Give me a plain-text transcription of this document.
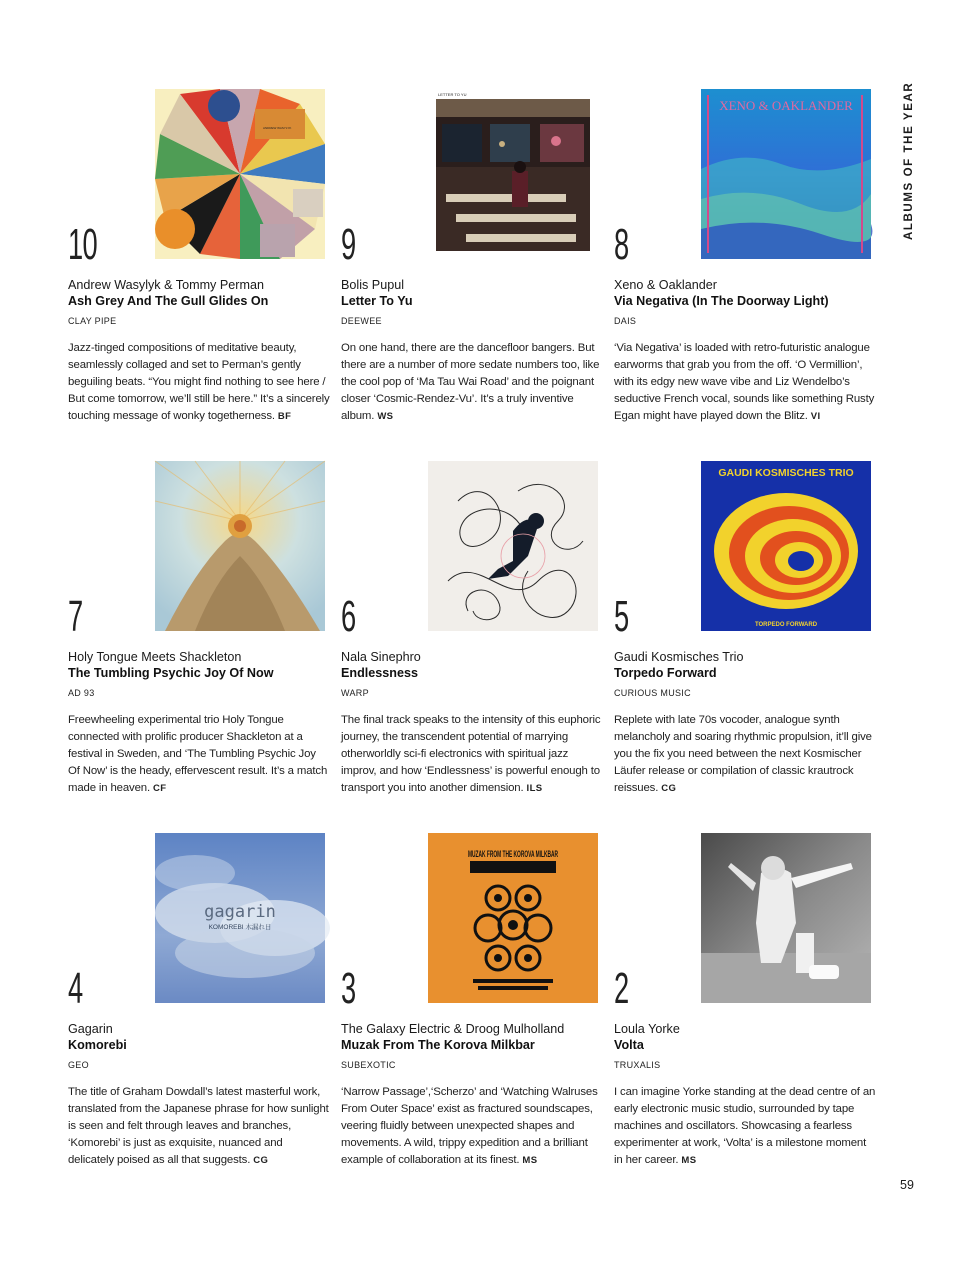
ALBUMS OF THE YEAR
10
ANDREW WASYLYK
Andrew Wasylyk & Tommy Perman
Ash Grey And The Gull Glides On
CLAY PIPE
Jazz-tinged compositions of meditative beauty, seamlessly collaged and set to Perman’s gently beguiling beats. “You might find nothing to see here / But come tomorrow, we’ll still be here.” It’s a sincerely touching message of wonky togetherness. BF
9
LETTER TO YU
Bolis Pupul
Letter To Yu
DEEWEE
On one hand, there are the dancefloor bangers. But there are a number of more sedate numbers too, like the cool pop of ‘Ma Tau Wai Road’ and the poignant closer ‘Cosmic-Rendez-Vu’. It’s a truly inventive album. WS
8
XENO & OAKLANDER
Xeno & Oaklander
Via Negativa (In The Doorway Light)
DAIS
‘Via Negativa’ is loaded with retro-futuristic analogue earworms that grab you from the off. ‘O Vermillion’, with its edgy new wave vibe and Liz Wendelbo’s seductive French vocal, sounds like something Rusty Egan might have played down the Blitz. VI
7
Holy Tongue Meets Shackleton
The Tumbling Psychic Joy Of Now
AD 93
Freewheeling experimental trio Holy Tongue connected with prolific producer Shackleton at a festival in Sweden, and ‘The Tumbling Psychic Joy Of Now’ is the heady, effervescent result. It’s a match made in heaven. CF
6
Nala Sinephro
Endlessness
WARP
The final track speaks to the intensity of this euphoric journey, the transcendent potential of marrying otherworldly sci-fi electronics with spiritual jazz improv, and how ‘Endlessness’ is powerful enough to transport you into another dimension. ILS
5
GAUDI KOSMISCHES TRIO
TORPEDO FORWARD
Gaudi Kosmisches Trio
Torpedo Forward
CURIOUS MUSIC
Replete with late 70s vocoder, analogue synth melancholy and soaring rhythmic propulsion, it’ll give you the fix you need between the next Kosmischer Läufer release or compilation of classic krautrock reissues. CG
4
gagarin
KOMOREBI 木漏れ日
Gagarin
Komorebi
GEO
The title of Graham Dowdall’s latest masterful work, translated from the Japanese phrase for how sunlight is seen and felt through leaves and branches, ‘Komorebi’ is just as exquisite, nuanced and delicately poised as all that suggests. CG
3
MUZAK FROM THE KOROVA MILKBAR
The Galaxy Electric & Droog Mulholland
Muzak From The Korova Milkbar
SUBEXOTIC
‘Narrow Passage’,‘Scherzo’ and ‘Watching Walruses From Outer Space’ exist as fractured soundscapes, veering fluidly between unexpected shapes and movements. A wild, trippy expedition and a brilliant example of collaboration at its finest. MS
2
Loula Yorke
Volta
TRUXALIS
I can imagine Yorke standing at the dead centre of an early electronic music studio, surrounded by tape machines and oscillators. Showcasing a fearless experimenter at work, ‘Volta’ is a milestone moment in her career. MS
59
